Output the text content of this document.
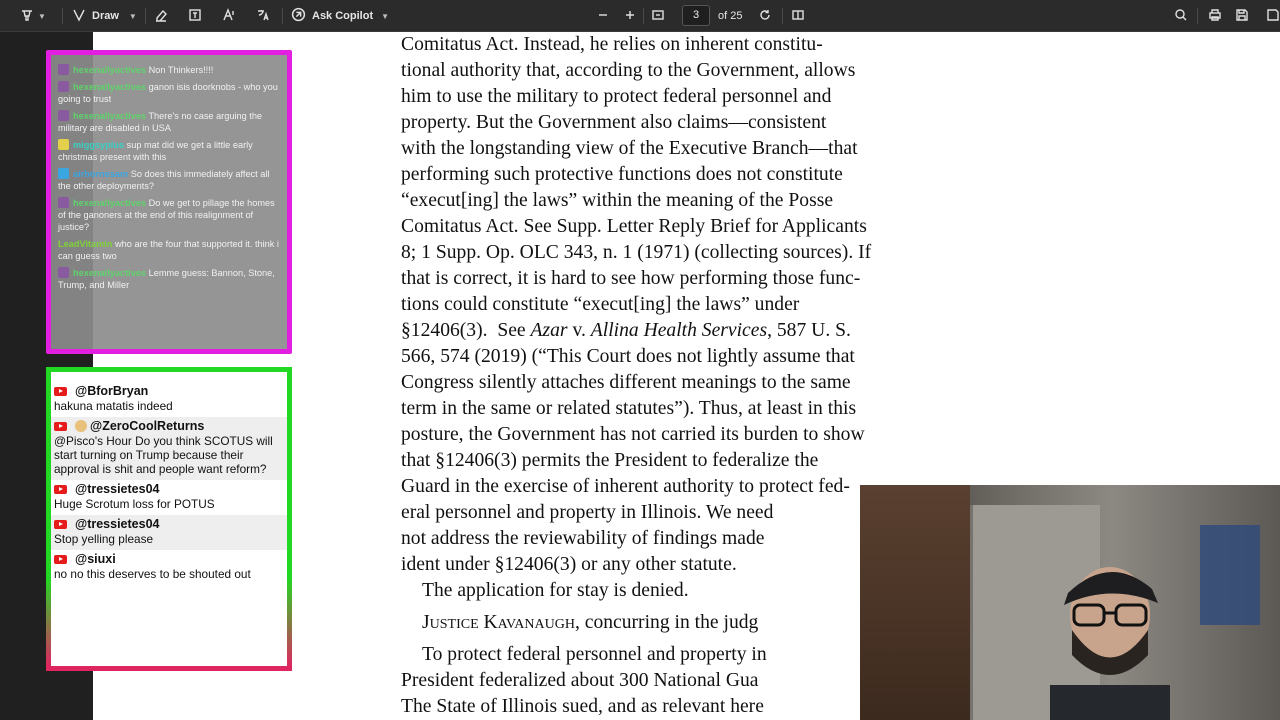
▼	Draw ▼	Ask Copilot ▼	3	of 25
Comitatus Act. Instead, he relies on inherent constitu-
tional authority that, according to the Government, allows
him to use the military to protect federal personnel and
property. But the Government also claims—consistent
with the longstanding view of the Executive Branch—that
performing such protective functions does not constitute
“execut[ing] the laws” within the meaning of the Posse
Comitatus Act. See Supp. Letter Reply Brief for Applicants
8; 1 Supp. Op. OLC 343, n. 1 (1971) (collecting sources). If
that is correct, it is hard to see how performing those func-
tions could constitute “execut[ing] the laws” under
§12406(3).  See Azar v. Allina Health Services , 587 U. S.
566, 574 (2019) (“This Court does not lightly assume that
Congress silently attaches different meanings to the same
term in the same or related statutes”). Thus, at least in this
posture, the Government has not carried its burden to show
that §12406(3) permits the President to federalize the
Guard in the exercise of inherent authority to protect fed-
eral personnel and property in Illinois. We need
not address the reviewability of findings made
ident under §12406(3) or any other statute.
The application for stay is denied.
Justice Kavanaugh , concurring in the judg
To protect federal personnel and property in
President federalized about 300 National Gua
The State of Illinois sued, and as relevant here
hexenallyactives Non Thinkers!!!!
hexenallyactives ganon isis doorknobs - who you going to trust
hexenallyactives There's no case arguing the military are disabled in USA
miggsyplus sup mat did we get a little early christmas present with this
airbornesam So does this immediately affect all the other deployments?
hexenallyactives Do we get to pillage the homes of the ganoners at the end of this realignment of justice?
LeadVitamin who are the four that supported it. think i can guess two
hexenallyactives Lemme guess: Bannon, Stone, Trump, and Miller
@BforBryan
hakuna matatis indeed
@ZeroCoolReturns
@Pisco's Hour Do you think SCOTUS will start turning on Trump because their approval is shit and people want reform?
@tressietes04
Huge Scrotum loss for POTUS
@tressietes04
Stop yelling please
@siuxi
no no this deserves to be shouted out
